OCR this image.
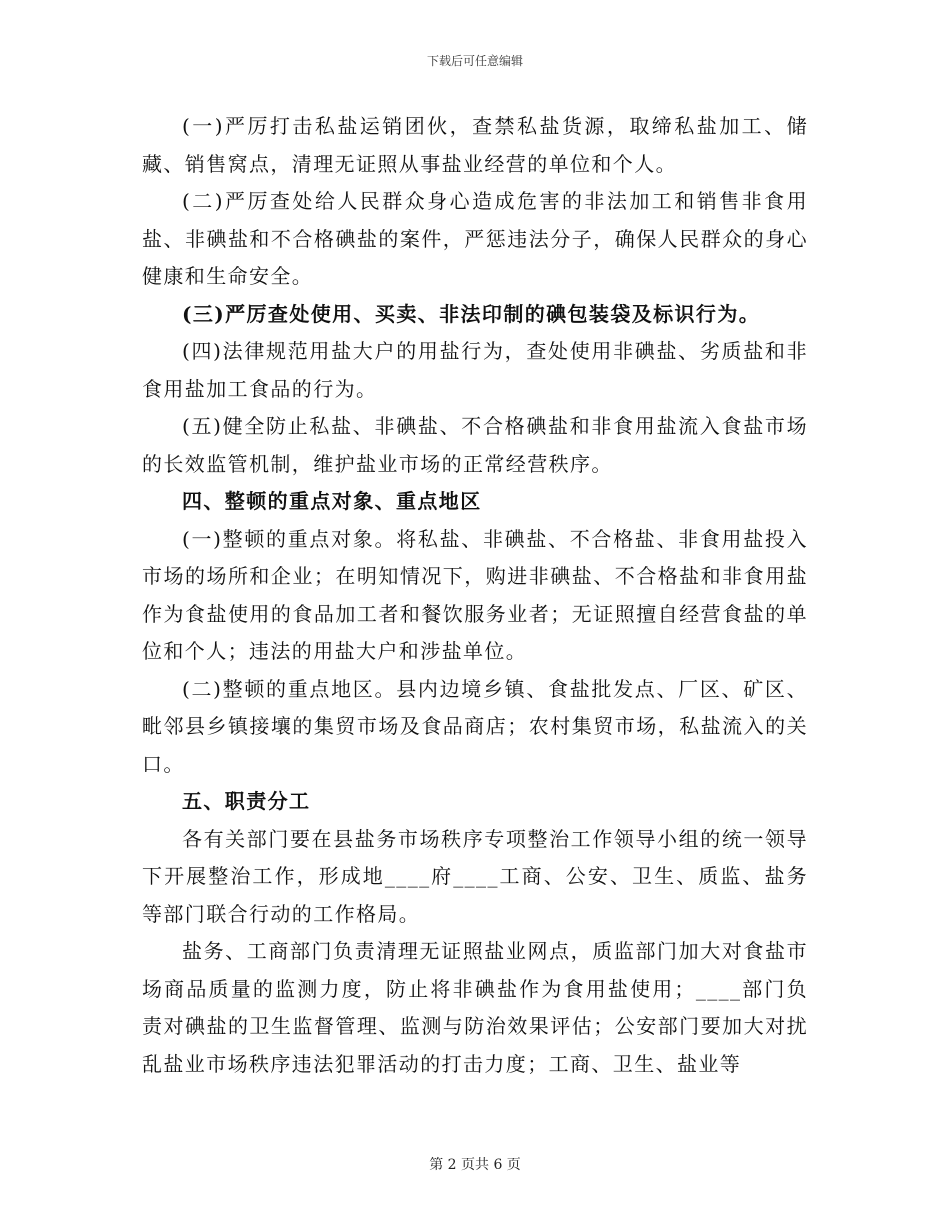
下载后可任意编辑

(一)严厉打击私盐运销团伙，查禁私盐货源，取缔私盐加工、储藏、销售窝点，清理无证照从事盐业经营的单位和个人。

(二)严厉查处给人民群众身心造成危害的非法加工和销售非食用盐、非碘盐和不合格碘盐的案件，严惩违法分子，确保人民群众的身心健康和生命安全。

(三)严厉查处使用、买卖、非法印制的碘包装袋及标识行为。

(四)法律规范用盐大户的用盐行为，查处使用非碘盐、劣质盐和非食用盐加工食品的行为。

(五)健全防止私盐、非碘盐、不合格碘盐和非食用盐流入食盐市场的长效监管机制，维护盐业市场的正常经营秩序。

四、整顿的重点对象、重点地区

(一)整顿的重点对象。将私盐、非碘盐、不合格盐、非食用盐投入市场的场所和企业；在明知情况下，购进非碘盐、不合格盐和非食用盐作为食盐使用的食品加工者和餐饮服务业者；无证照擅自经营食盐的单位和个人；违法的用盐大户和涉盐单位。

(二)整顿的重点地区。县内边境乡镇、食盐批发点、厂区、矿区、毗邻县乡镇接壤的集贸市场及食品商店；农村集贸市场，私盐流入的关口。

五、职责分工

各有关部门要在县盐务市场秩序专项整治工作领导小组的统一领导下开展整治工作，形成地____府____工商、公安、卫生、质监、盐务等部门联合行动的工作格局。

盐务、工商部门负责清理无证照盐业网点，质监部门加大对食盐市场商品质量的监测力度，防止将非碘盐作为食用盐使用；____部门负责对碘盐的卫生监督管理、监测与防治效果评估；公安部门要加大对扰乱盐业市场秩序违法犯罪活动的打击力度；工商、卫生、盐业等

第 2 页共 6 页
